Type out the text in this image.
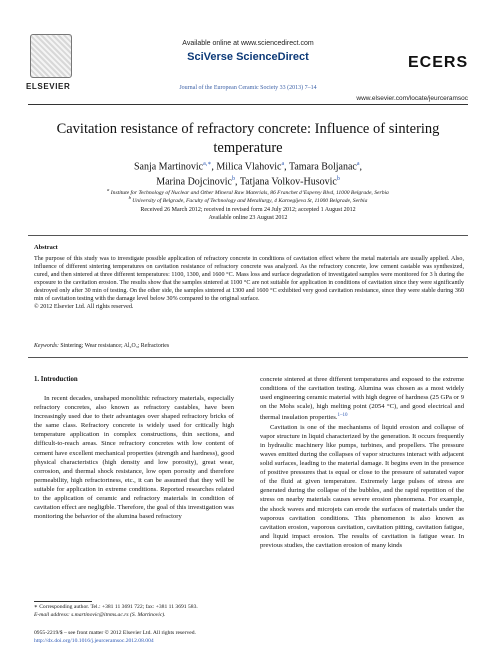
ELSEVIER
Available online at www.sciencedirect.com
SciVerse ScienceDirect
Journal of the European Ceramic Society 33 (2013) 7–14
ECERS
www.elsevier.com/locate/jeurceramsoc
Cavitation resistance of refractory concrete: Influence of sintering temperature
Sanja Martinovic$^{a,∗}$, Milica Vlahovic$^a$, Tamara Boljanac$^a$,
Marina Dojcinovic$^b$, Tatjana Volkov-Husovic$^b$
$^a$ Institute for Technology of Nuclear and Other Mineral Raw Materials, 86 Franchet d’Esperey Blvd, 11000 Belgrade, Serbia
$^b$ University of Belgrade, Faculty of Technology and Metallurgy, 4 Karnegijeva St, 11000 Belgrade, Serbia
Received 26 March 2012; received in revised form 24 July 2012; accepted 1 August 2012
Available online 23 August 2012
Abstract
The purpose of this study was to investigate possible application of refractory concrete in conditions of cavitation effect where the metal materials are usually applied. Also, influence of different sintering temperatures on cavitation resistance of refractory concrete was analyzed. As the refractory concrete, low cement castable was synthesized, cured, and then sintered at three different temperatures: 1100, 1300, and 1600 °C. Mass loss and surface degradation of investigated samples were monitored for 3 h during the exposure to the cavitation erosion. The results show that the samples sintered at 1100 °C are not suitable for application in conditions of cavitation since they were significantly destroyed only after 30 min of testing. On the other side, the samples sintered at 1300 and 1600 °C exhibited very good cavitation resistance, since they were stable during 360 min of cavitation testing with the damage level below 30% compared to the original surface.
© 2012 Elsevier Ltd. All rights reserved.
Keywords: Sintering; Wear resistance; Al₂O₃; Refractories
1. Introduction
In recent decades, unshaped monolithic refractory materials, especially refractory concretes, also known as refractory castables, have been increasingly used due to their advantages over shaped refractory bricks of the same class. Refractory concrete is widely used for critically high temperature application in complex constructions, thin sections, and difficult-to-reach areas. Since refractory concretes with low content of cement have excellent mechanical properties (strength and hardness), good physical characteristics (high density and low porosity), great wear, corrosion, and thermal shock resistance, low open porosity and therefore permeability, high refractoriness, etc., it can be assumed that they will be suitable for application in extreme conditions. Reported researches related to the application of ceramic and refractory materials in condition of cavitation effect are negligible. Therefore, the goal of this investigation was monitoring the behavior of the alumina based refractory

concrete sintered at three different temperatures and exposed to the extreme conditions of the cavitation testing. Alumina was chosen as a most widely used engineering ceramic material with high degree of hardness (25 GPa or 9 on the Mohs scale), high melting point (2054 °C), and good electrical and thermal insulation properties.$^{1-10}$

Cavitation is one of the mechanisms of liquid erosion and collapse of vapor structure in liquid characterized by the generation. It occurs frequently in hydraulic machinery like pumps, turbines, and propellers. The pressure waves emitted during the collapses of vapor structures interact with adjacent solid surfaces, leading to the material damage. It begins even in the presence of positive pressures that is equal or close to the pressure of saturated vapor of the fluid at given temperature. Extremely large pulses of stress are generated during the collapse of the bubbles, and the rapid repetition of the stress on nearby materials causes severe erosion phenomena. For example, the shock waves and microjets can erode the surfaces of materials under the vaporous cavitation conditions. This phenomenon is also known as cavitation erosion, vaporous cavitation, cavitation pitting, cavitation fatigue, and liquid impact erosion. The results of cavitation is fatigue wear. In previous studies, the cavitation erosion of many kinds

∗ Corresponding author. Tel.: +381 11 3691 722; fax: +381 11 3691 583.
E-mail address: s.martinovic@itnms.ac.rs (S. Martinovic).
0955-2219/$ – see front matter © 2012 Elsevier Ltd. All rights reserved.
http://dx.doi.org/10.1016/j.jeurceramsoc.2012.08.004
